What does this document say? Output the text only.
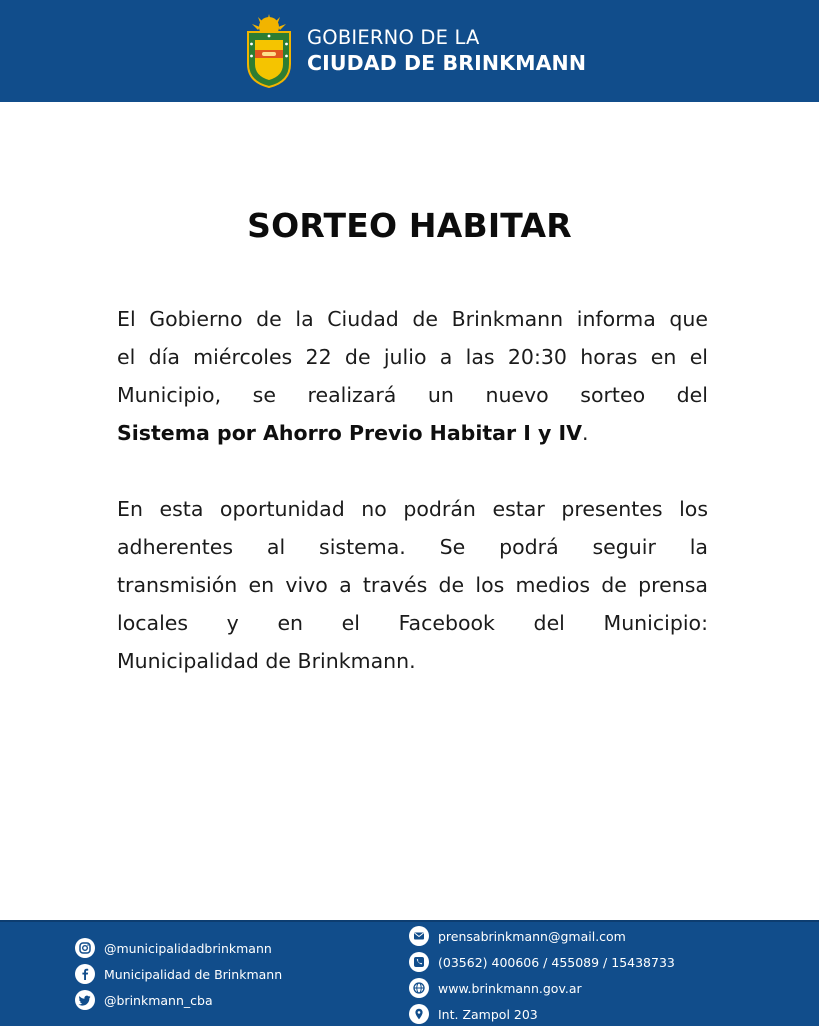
GOBIERNO DE LA
CIUDAD DE BRINKMANN
SORTEO HABITAR
El Gobierno de la Ciudad de Brinkmann informa que
el día miércoles 22 de julio a las 20:30 horas en el
Municipio, se realizará un nuevo sorteo del
Sistema por Ahorro Previo Habitar I y IV.
En esta oportunidad no podrán estar presentes los
adherentes al sistema. Se podrá seguir la
transmisión en vivo a través de los medios de prensa
locales y en el Facebook del Municipio:
Municipalidad de Brinkmann.
@municipalidadbrinkmann
Municipalidad de Brinkmann
@brinkmann_cba
prensabrinkmann@gmail.com
(03562) 400606 / 455089 / 15438733
www.brinkmann.gov.ar
Int. Zampol 203
